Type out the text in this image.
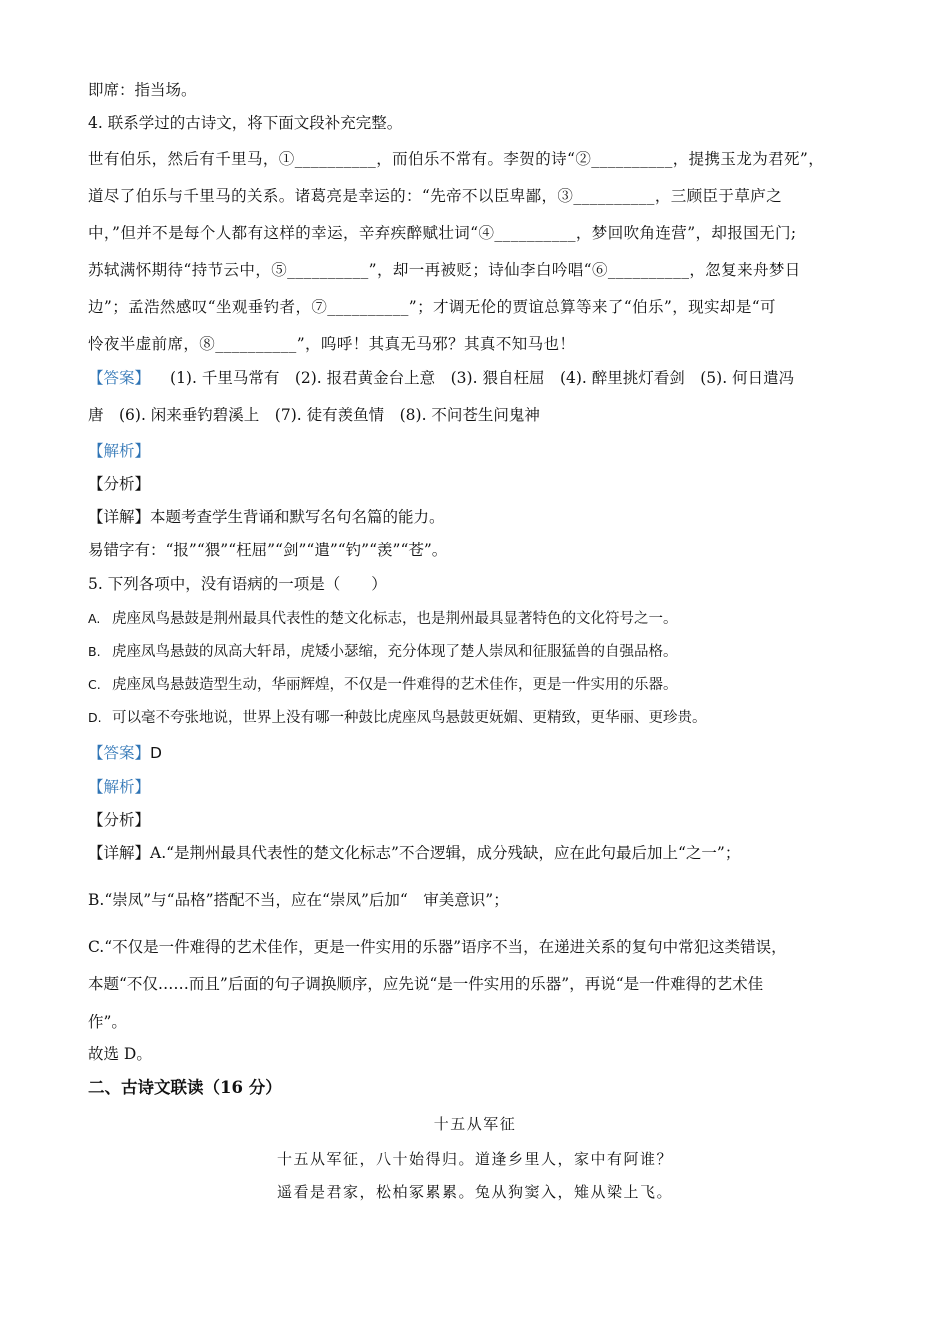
即席：指当场。
4. 联系学过的古诗文，将下面文段补充完整。
世有伯乐，然后有千里马，①__________，而伯乐不常有。李贺的诗“②__________，提携玉龙为君死”，
道尽了伯乐与千里马的关系。诸葛亮是幸运的：“先帝不以臣卑鄙，③__________，三顾臣于草庐之
中，”但并不是每个人都有这样的幸运，辛弃疾醉赋壮词“④__________，梦回吹角连营”，却报国无门;
苏轼满怀期待“持节云中，⑤__________”，却一再被贬；诗仙李白吟唱“⑥__________，忽复来舟梦日
边”；孟浩然感叹“坐观垂钓者，⑦__________”；才调无伦的贾谊总算等来了“伯乐”，现实却是“可
怜夜半虚前席，⑧__________”，呜呼！其真无马邪？其真不知马也！
【答案】 (1). 千里马常有　(2). 报君黄金台上意　(3). 猥自枉屈　(4). 醉里挑灯看剑　(5). 何日遣冯
唐　(6). 闲来垂钓碧溪上　(7). 徒有羡鱼情　(8). 不问苍生问鬼神
【解析】
【分析】
【详解】本题考查学生背诵和默写名句名篇的能力。
易错字有：“报”“猥”“枉屈”“剑”“遣”“钓”“羡”“苍”。
5. 下列各项中，没有语病的一项是（　　）
A. 虎座凤鸟悬鼓是荆州最具代表性的楚文化标志，也是荆州最具显著特色的文化符号之一。
B. 虎座凤鸟悬鼓的凤高大轩昂，虎矮小瑟缩，充分体现了楚人崇凤和征服猛兽的自强品格。
C. 虎座凤鸟悬鼓造型生动，华丽辉煌，不仅是一件难得的艺术佳作，更是一件实用的乐器。
D. 可以毫不夸张地说，世界上没有哪一种鼓比虎座凤鸟悬鼓更妩媚、更精致，更华丽、更珍贵。
【答案】D
【解析】
【分析】
【详解】A.“是荆州最具代表性的楚文化标志”不合逻辑，成分残缺，应在此句最后加上“之一”；
B.“崇凤”与“品格”搭配不当，应在“崇凤”后加“　审美意识”；
C.“不仅是一件难得的艺术佳作，更是一件实用的乐器”语序不当，在递进关系的复句中常犯这类错误，
本题“不仅……而且”后面的句子调换顺序，应先说“是一件实用的乐器”，再说“是一件难得的艺术佳
作”。
故选 D。
二、古诗文联读（16 分）
十五从军征
十五从军征，八十始得归。道逢乡里人，家中有阿谁？
遥看是君家，松柏冢累累。兔从狗窦入，雉从梁上飞。
